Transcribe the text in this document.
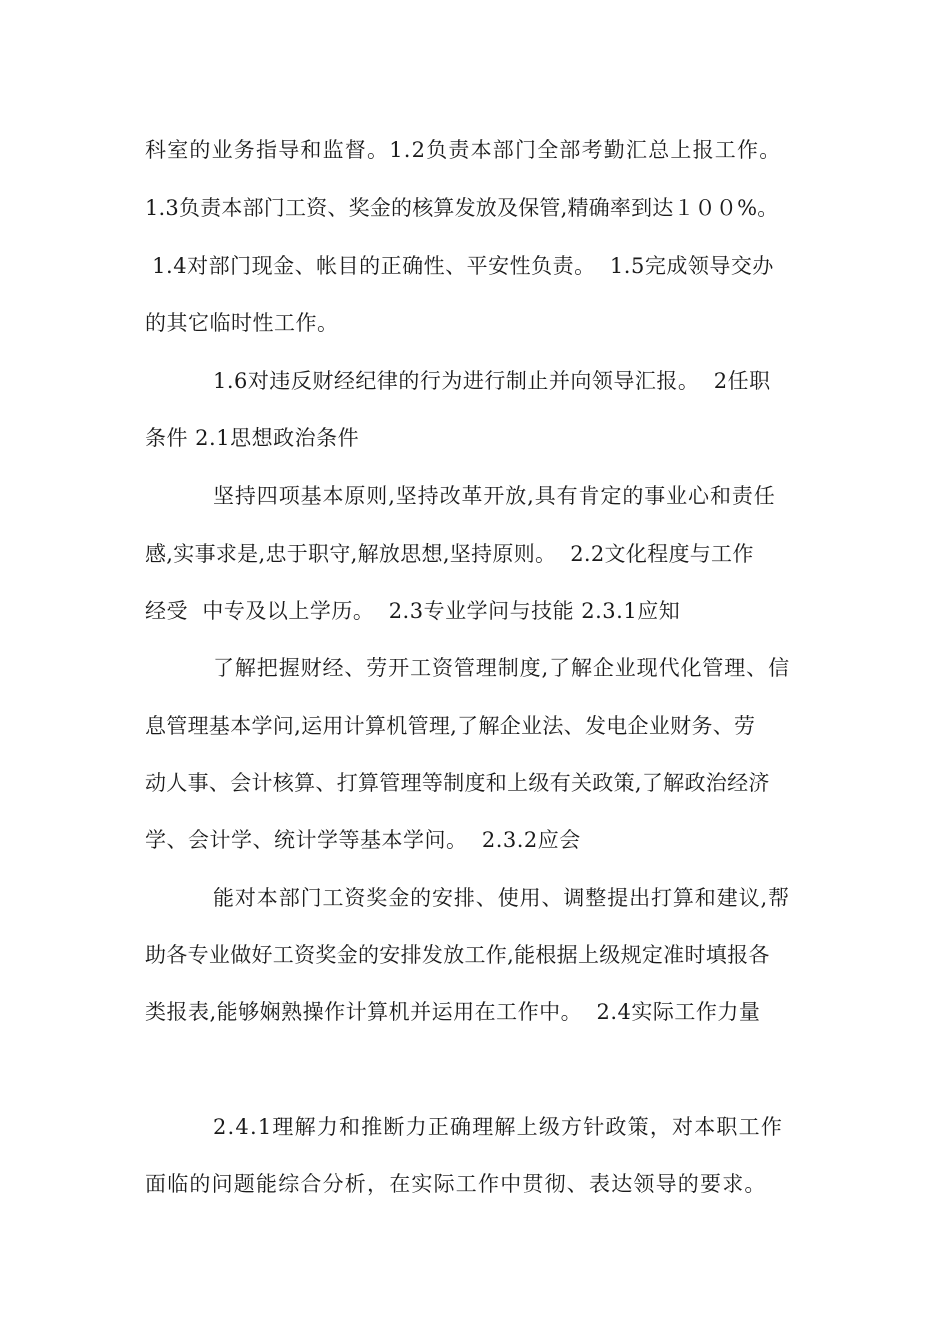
科室的业务指导和监督。1.2负责本部门全部考勤汇总上报工作。

1.3负责本部门工资、奖金的核算发放及保管,精确率到达１００%。

1.4对部门现金、帐目的正确性、平安性负责。  1.5完成领导交办

的其它临时性工作。

1.6对违反财经纪律的行为进行制止并向领导汇报。  2任职

条件 2.1思想政治条件

坚持四项基本原则,坚持改革开放,具有肯定的事业心和责任

感,实事求是,忠于职守,解放思想,坚持原则。  2.2文化程度与工作

经受  中专及以上学历。  2.3专业学问与技能 2.3.1应知

了解把握财经、劳开工资管理制度,了解企业现代化管理、信

息管理基本学问,运用计算机管理,了解企业法、发电企业财务、劳

动人事、会计核算、打算管理等制度和上级有关政策,了解政治经济

学、会计学、统计学等基本学问。  2.3.2应会

能对本部门工资奖金的安排、使用、调整提出打算和建议,帮

助各专业做好工资奖金的安排发放工作,能根据上级规定准时填报各

类报表,能够娴熟操作计算机并运用在工作中。  2.4实际工作力量

2.4.1理解力和推断力正确理解上级方针政策，对本职工作

面临的问题能综合分析，在实际工作中贯彻、表达领导的要求。
